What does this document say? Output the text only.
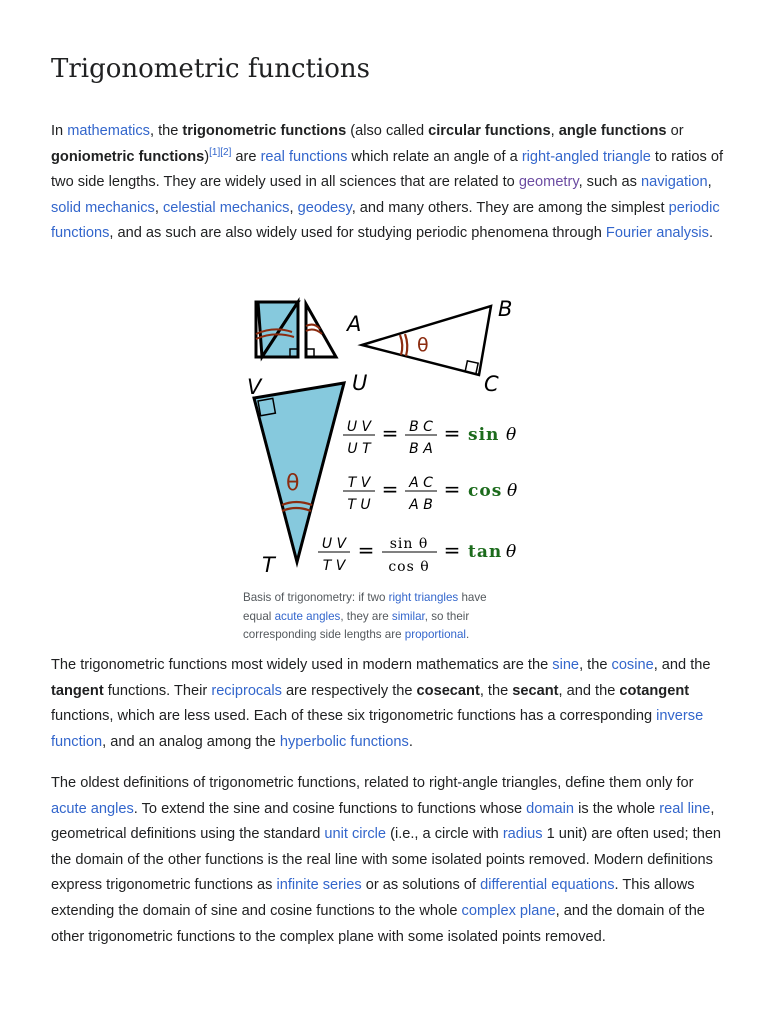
Trigonometric functions

In mathematics, the trigonometric functions (also called circular functions, angle functions or goniometric functions)[1][2] are real functions which relate an angle of a right-angled triangle to ratios of two side lengths. They are widely used in all sciences that are related to geometry, such as navigation, solid mechanics, celestial mechanics, geodesy, and many others. They are among the simplest periodic functions, and as such are also widely used for studying periodic phenomena through Fourier analysis.

θ
A
B
C
θ
V	U
T
U V
U T
= B C
B A
= sin θ
T V
T U
= A C
A B
= cos θ
U V
T V
= sin θ
cos θ
= tan θ

Basis of trigonometry: if two right triangles have equal acute angles, they are similar, so their corresponding side lengths are proportional.

The trigonometric functions most widely used in modern mathematics are the sine, the cosine, and the tangent functions. Their reciprocals are respectively the cosecant, the secant, and the cotangent functions, which are less used. Each of these six trigonometric functions has a corresponding inverse function, and an analog among the hyperbolic functions.

The oldest definitions of trigonometric functions, related to right-angle triangles, define them only for acute angles. To extend the sine and cosine functions to functions whose domain is the whole real line, geometrical definitions using the standard unit circle (i.e., a circle with radius 1 unit) are often used; then the domain of the other functions is the real line with some isolated points removed. Modern definitions express trigonometric functions as infinite series or as solutions of differential equations. This allows extending the domain of sine and cosine functions to the whole complex plane, and the domain of the other trigonometric functions to the complex plane with some isolated points removed.
